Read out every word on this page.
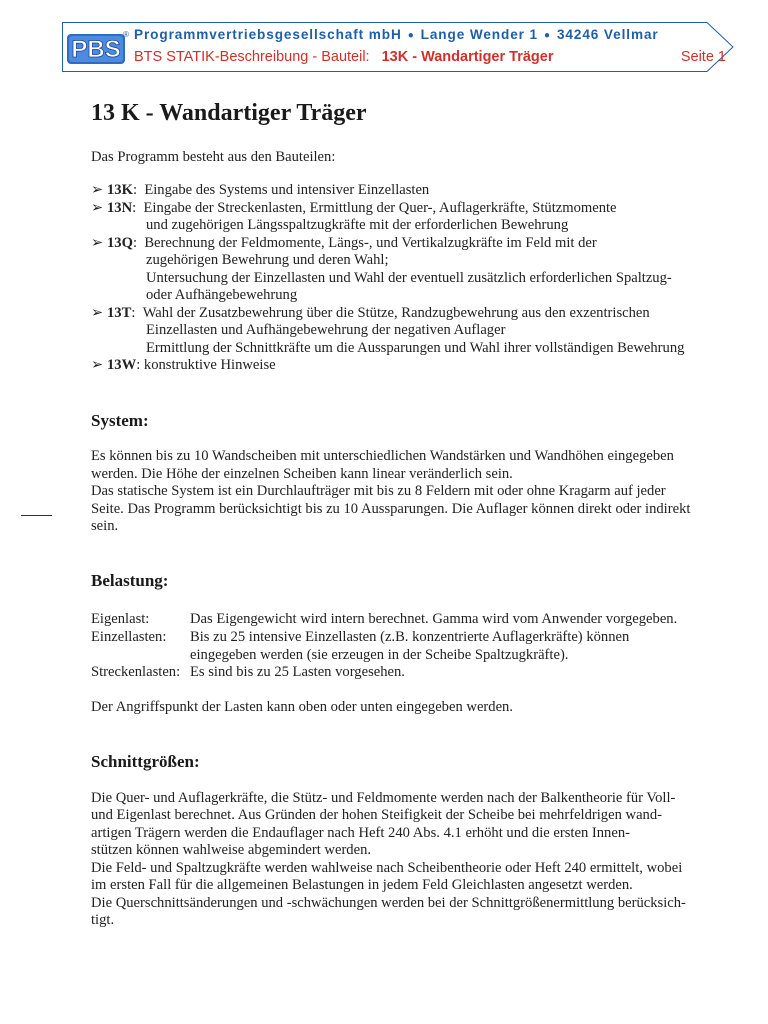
PBS
® Programmvertriebsgesellschaft mbH ● Lange Wender 1 ● 34246 Vellmar
BTS STATIK-Beschreibung - Bauteil: 13K - Wandartiger Träger	Seite 1
13 K - Wandartiger Träger

Das Programm besteht aus den Bauteilen:

➢ 13K:  Eingabe des Systems und intensiver Einzellasten
➢ 13N:  Eingabe der Streckenlasten, Ermittlung der Quer-, Auflagerkräfte, Stützmomente
und zugehörigen Längsspaltzugkräfte mit der erforderlichen Bewehrung
➢ 13Q:  Berechnung der Feldmomente, Längs-, und Vertikalzugkräfte im Feld mit der
zugehörigen Bewehrung und deren Wahl;
Untersuchung der Einzellasten und Wahl der eventuell zusätzlich erforderlichen Spaltzug-
oder Aufhängebewehrung
➢ 13T:  Wahl der Zusatzbewehrung über die Stütze, Randzugbewehrung aus den exzentrischen
Einzellasten und Aufhängebewehrung der negativen Auflager
Ermittlung der Schnittkräfte um die Aussparungen und Wahl ihrer vollständigen Bewehrung
➢ 13W: konstruktive Hinweise
System:
Es können bis zu 10 Wandscheiben mit unterschiedlichen Wandstärken und Wandhöhen eingegeben
werden. Die Höhe der einzelnen Scheiben kann linear veränderlich sein.
Das statische System ist ein Durchlaufträger mit bis zu 8 Feldern mit oder ohne Kragarm auf jeder
Seite. Das Programm berücksichtigt bis zu 10 Aussparungen. Die Auflager können direkt oder indirekt
sein.
Belastung:
Eigenlast:	Das Eigengewicht wird intern berechnet. Gamma wird vom Anwender vorgegeben.
Einzellasten: Bis zu 25 intensive Einzellasten (z.B. konzentrierte Auflagerkräfte) können
eingegeben werden (sie erzeugen in der Scheibe Spaltzugkräfte).
Streckenlasten: Es sind bis zu 25 Lasten vorgesehen.
Der Angriffspunkt der Lasten kann oben oder unten eingegeben werden.
Schnittgrößen:
Die Quer- und Auflagerkräfte, die Stütz- und Feldmomente werden nach der Balkentheorie für Voll-
und Eigenlast berechnet. Aus Gründen der hohen Steifigkeit der Scheibe bei mehrfeldrigen wand-
artigen Trägern werden die Endauflager nach Heft 240 Abs. 4.1 erhöht und die ersten Innen-
stützen können wahlweise abgemindert werden.
Die Feld- und Spaltzugkräfte werden wahlweise nach Scheibentheorie oder Heft 240 ermittelt, wobei
im ersten Fall für die allgemeinen Belastungen in jedem Feld Gleichlasten angesetzt werden.
Die Querschnittsänderungen und -schwächungen werden bei der Schnittgrößenermittlung berücksich-
tigt.
